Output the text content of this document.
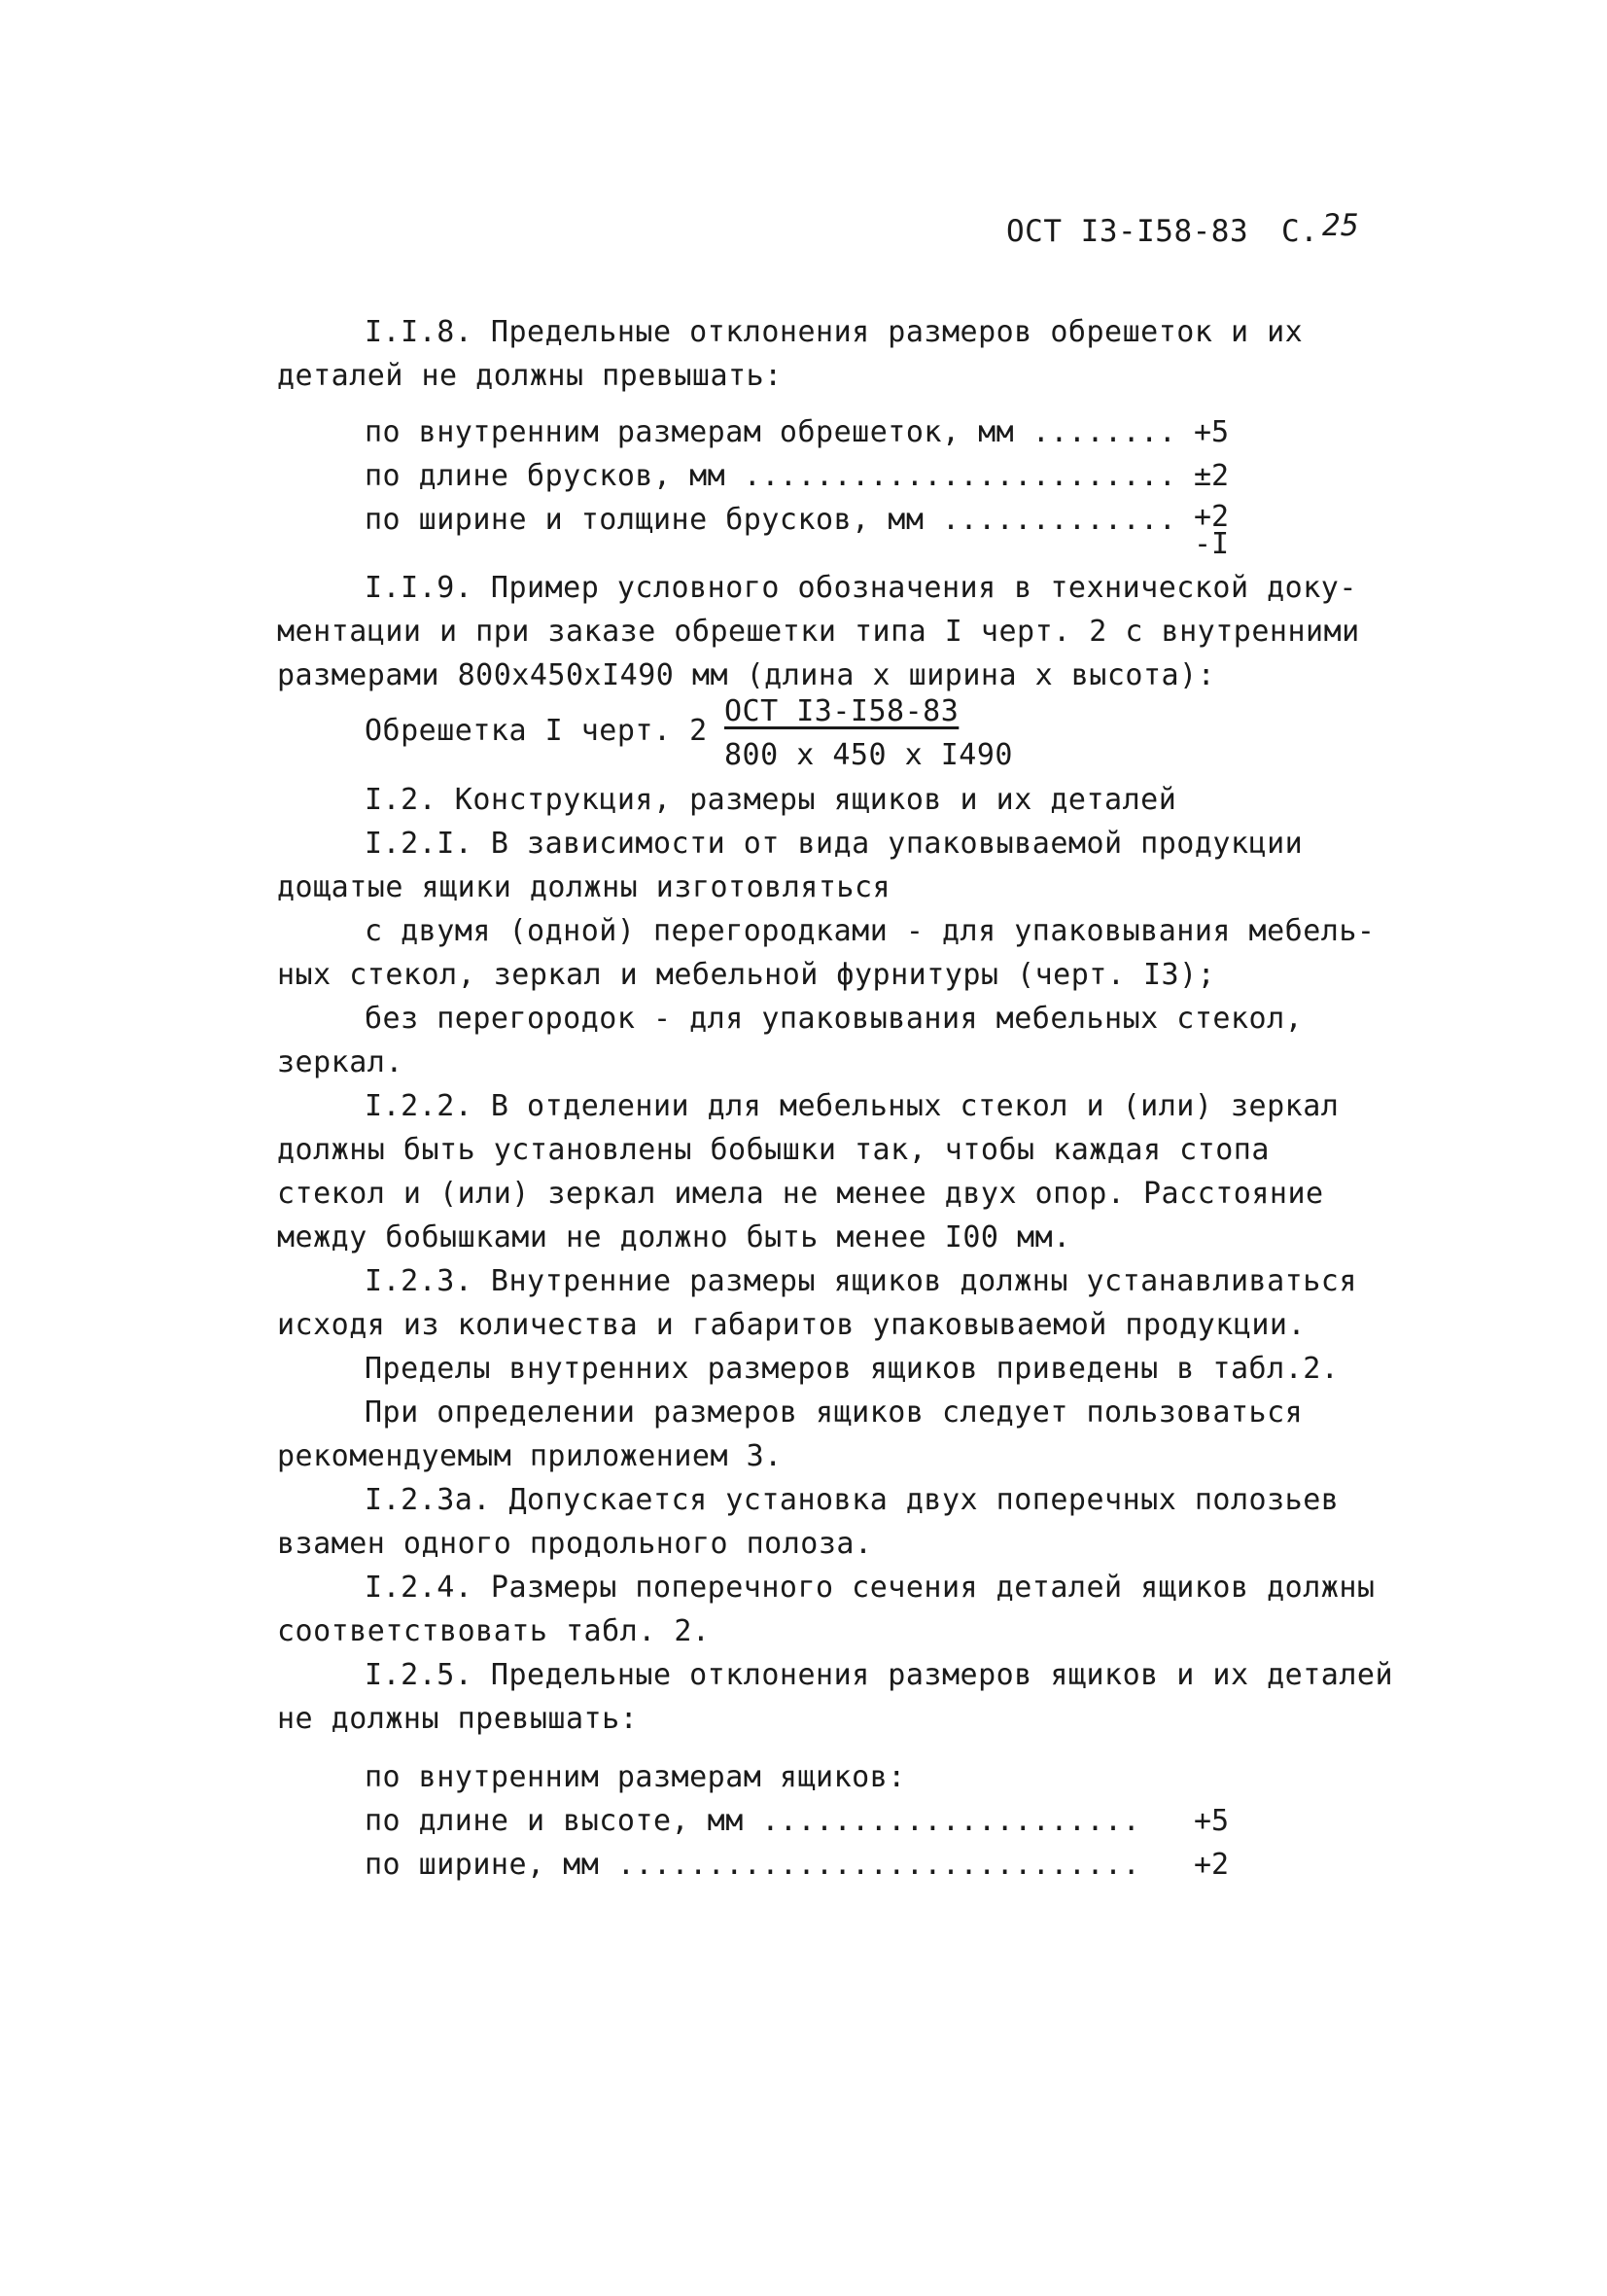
ОСТ I3-I58-83 С. 25
I.I.8. Предельные отклонения размеров обрешеток и их
деталей не должны превышать:
по внутренним размерам обрешеток, мм ........ +5
по длине брусков, мм ........................ ±2
по ширине и толщине брусков, мм ............. +2
-I
I.I.9. Пример условного обозначения в технической доку-
ментации и при заказе обрешетки типа I черт. 2 с внутренними
размерами 800х450хI490 мм (длина х ширина х высота):
Обрешетка I черт. 2
ОСТ I3-I58-83
800 х 450 х I490
I.2. Конструкция, размеры ящиков и их деталей
I.2.I. В зависимости от вида упаковываемой продукции
дощатые ящики должны изготовляться
с двумя (одной) перегородками - для упаковывания мебель-
ных стекол, зеркал и мебельной фурнитуры (черт. I3);
без перегородок - для упаковывания мебельных стекол,
зеркал.
I.2.2. В отделении для мебельных стекол и (или) зеркал
должны быть установлены бобышки так, чтобы каждая стопа
стекол и (или) зеркал имела не менее двух опор. Расстояние
между бобышками не должно быть менее I00 мм.
I.2.3. Внутренние размеры ящиков должны устанавливаться
исходя из количества и габаритов упаковываемой продукции.
Пределы внутренних размеров ящиков приведены в табл.2.
При определении размеров ящиков следует пользоваться
рекомендуемым приложением 3.
I.2.3а. Допускается установка двух поперечных полозьев
взамен одного продольного полоза.
I.2.4. Размеры поперечного сечения деталей ящиков должны
соответствовать табл. 2.
I.2.5. Предельные отклонения размеров ящиков и их деталей
не должны превышать:
по внутренним размерам ящиков:
по длине и высоте, мм ..................... +5
по ширине, мм ............................. +2
